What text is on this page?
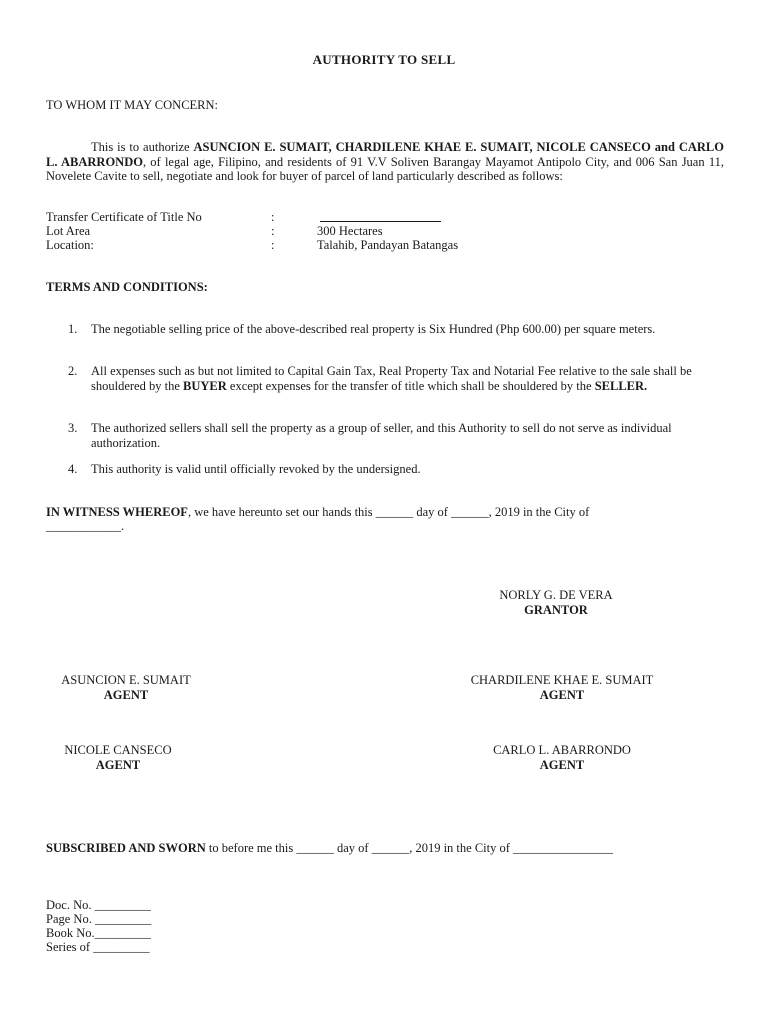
AUTHORITY TO SELL
TO WHOM IT MAY CONCERN:
This is to authorize ASUNCION E. SUMAIT, CHARDILENE KHAE E. SUMAIT, NICOLE CANSECO and CARLO L. ABARRONDO, of legal age, Filipino, and residents of 91 V.V Soliven Barangay Mayamot Antipolo City, and 006 San Juan 11, Novelete Cavite to sell, negotiate and look for buyer of parcel of land particularly described as follows:
Transfer Certificate of Title No	:
Lot Area	:	300 Hectares
Location:	:	Talahib, Pandayan Batangas
TERMS AND CONDITIONS:
1. The negotiable selling price of the above-described real property is Six Hundred (Php 600.00) per square meters.
2. All expenses such as but not limited to Capital Gain Tax, Real Property Tax and Notarial Fee relative to the sale shall be shouldered by the BUYER except expenses for the transfer of title which shall be shouldered by the SELLER.
3. The authorized sellers shall sell the property as a group of seller, and this Authority to sell do not serve as individual authorization.
4. This authority is valid until officially revoked by the undersigned.
IN WITNESS WHEREOF, we have hereunto set our hands this ______ day of ______, 2019 in the City of
____________.
NORLY G. DE VERA
GRANTOR
ASUNCION E. SUMAIT
AGENT
CHARDILENE KHAE E. SUMAIT
AGENT
NICOLE CANSECO
AGENT
CARLO L. ABARRONDO
AGENT
SUBSCRIBED AND SWORN to before me this ______ day of ______, 2019 in the City of ________________
Doc. No. _________
Page No. _________
Book No._________
Series of _________
